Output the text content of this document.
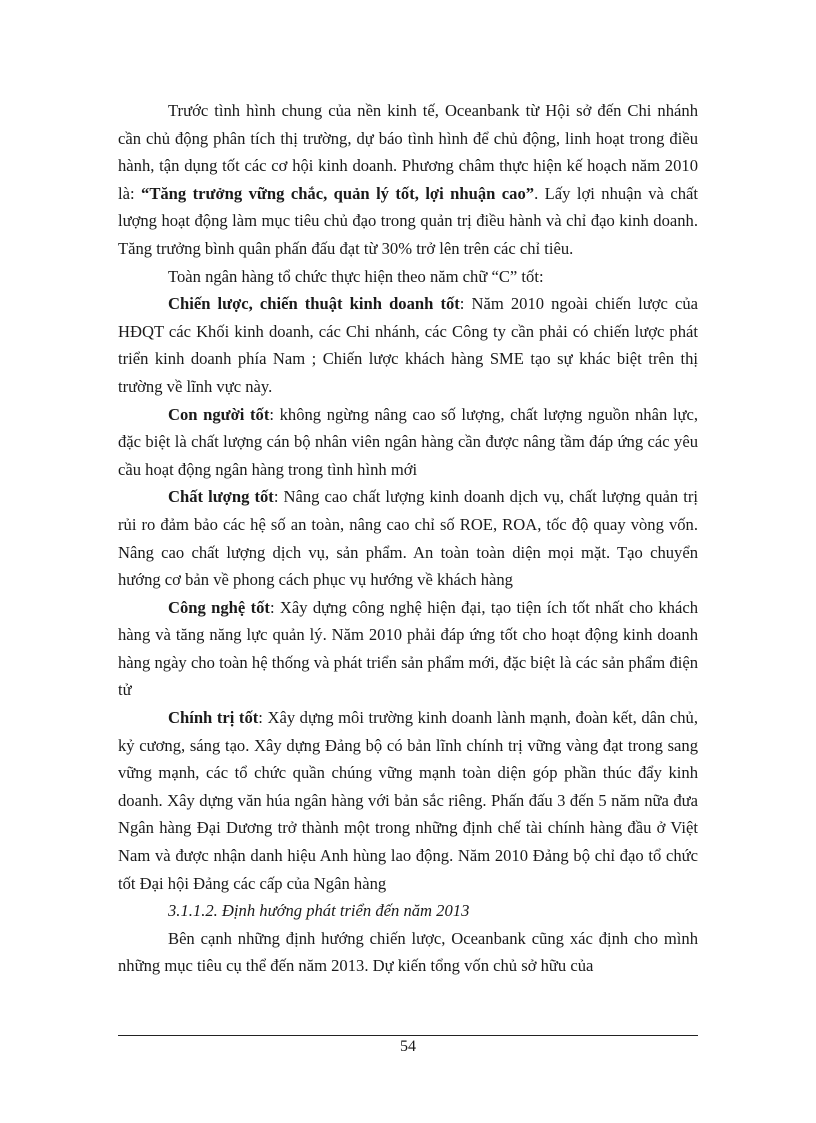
Trước tình hình chung của nền kinh tế, Oceanbank từ Hội sở đến Chi nhánh cần chủ động phân tích thị trường, dự báo tình hình để chủ động, linh hoạt trong điều hành, tận dụng tốt các cơ hội kinh doanh. Phương châm thực hiện kế hoạch năm 2010 là: “Tăng trưởng vững chắc, quản lý tốt, lợi nhuận cao”. Lấy lợi nhuận và chất lượng hoạt động làm mục tiêu chủ đạo trong quản trị điều hành và chỉ đạo kinh doanh. Tăng trưởng bình quân phấn đấu đạt từ 30% trở lên trên các chỉ tiêu.

Toàn ngân hàng tổ chức thực hiện theo năm chữ “C” tốt:

Chiến lược, chiến thuật kinh doanh tốt: Năm 2010 ngoài chiến lược của HĐQT các Khối kinh doanh, các Chi nhánh, các Công ty cần phải có chiến lược phát triển kinh doanh phía Nam ; Chiến lược khách hàng SME tạo sự khác biệt trên thị trường về lĩnh vực này.

Con người tốt: không ngừng nâng cao số lượng, chất lượng nguồn nhân lực, đặc biệt là chất lượng cán bộ nhân viên ngân hàng cần được nâng tầm đáp ứng các yêu cầu hoạt động ngân hàng trong tình hình mới

Chất lượng tốt: Nâng cao chất lượng kinh doanh dịch vụ, chất lượng quản trị rủi ro đảm bảo các hệ số an toàn, nâng cao chỉ số ROE, ROA, tốc độ quay vòng vốn. Nâng cao chất lượng dịch vụ, sản phẩm. An toàn toàn diện mọi mặt. Tạo chuyển hướng cơ bản về phong cách phục vụ hướng về khách hàng

Công nghệ tốt: Xây dựng công nghệ hiện đại, tạo tiện ích tốt nhất cho khách hàng và tăng năng lực quản lý. Năm 2010 phải đáp ứng tốt cho hoạt động kinh doanh hàng ngày cho toàn hệ thống và phát triển sản phẩm mới, đặc biệt là các sản phẩm điện tử

Chính trị tốt: Xây dựng môi trường kinh doanh lành mạnh, đoàn kết, dân chủ, kỷ cương, sáng tạo. Xây dựng Đảng bộ có bản lĩnh chính trị vững vàng đạt trong sang vững mạnh, các tổ chức quần chúng vững mạnh toàn diện góp phần thúc đẩy kinh doanh. Xây dựng văn húa ngân hàng với bản sắc riêng. Phấn đấu 3 đến 5 năm nữa đưa Ngân hàng Đại Dương trở thành một trong những định chế tài chính hàng đầu ở Việt Nam và được nhận danh hiệu Anh hùng lao động. Năm 2010 Đảng bộ chỉ đạo tổ chức tốt Đại hội Đảng các cấp của Ngân hàng

3.1.1.2. Định hướng phát triển đến năm 2013

Bên cạnh những định hướng chiến lược, Oceanbank cũng xác định cho mình những mục tiêu cụ thể đến năm 2013. Dự kiến tổng vốn chủ sở hữu của

54
